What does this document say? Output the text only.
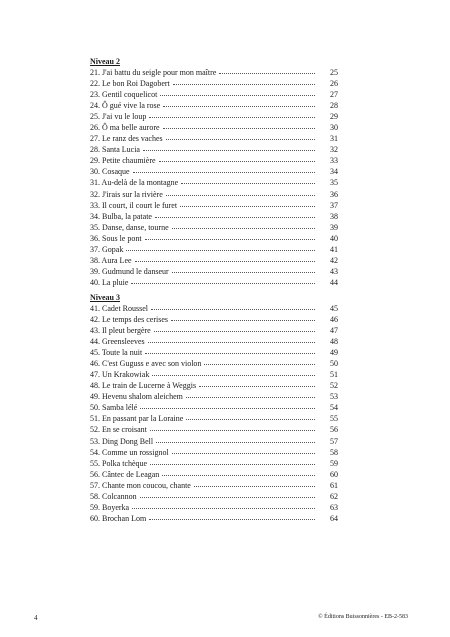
Niveau 2
21. J'ai battu du seigle pour mon maître	25
22. Le bon Roi Dagobert	26
23. Gentil coquelicot	27
24. Ô gué vive la rose	28
25. J'ai vu le loup	29
26. Ô ma belle aurore	30
27. Le ranz des vaches	31
28. Santa Lucia	32
29. Petite chaumière	33
30. Cosaque	34
31. Au-delà de la montagne	35
32. J'irais sur la rivière	36
33. Il court, il court le furet	37
34. Bulba, la patate	38
35. Danse, danse, tourne	39
36. Sous le pont	40
37. Gopak	41
38. Aura Lee	42
39. Gudmund le danseur	43
40. La pluie	44
Niveau 3
41. Cadet Roussel	45
42. Le temps des cerises	46
43. Il pleut bergère	47
44. Greensleeves	48
45. Toute la nuit	49
46. C'est Guguss e avec son violon	50
47. Un Krakowiak	51
48. Le train de Lucerne à Weggis	52
49. Hevenu shalom aleichem	53
50. Samba lélé	54
51. En passant par la Loraine	55
52. En se croisant	56
53. Ding Dong Bell	57
54. Comme un rossignol	58
55. Polka tchèque	59
56. Cântec de Leagan	60
57. Chante mon coucou, chante	61
58. Colcannon	62
59. Boyerka	63
60. Brochan Lom	64
4	© Éditions Buissonnières - EB-2-583
